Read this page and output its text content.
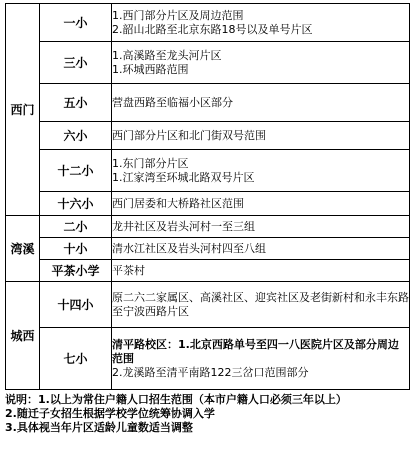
西门	一小	1.西门部分片区及周边范围
2.韶山北路至北京东路18号以及单号片区

	三小	1.高溪路至龙头河片区
1.环城西路范围

	五小	营盘西路至临福小区部分

	六小	西门部分片区和北门街双号范围

	十二小	1.东门部分片区
1.江家湾至环城北路双号片区

	十六小	西门居委和大桥路社区范围

湾溪	二小	龙井社区及岩头河村一至三组

	十小	清水江社区及岩头河村四至八组

	平茶小学	平茶村

城西	十四小	原二六二家属区、高溪社区、迎宾社区及老街新村和永丰东路至宁波西路片区

	七小	清平路校区：1.北京西路单号至四一八医院片区及部分周边范围
2.龙溪路至清平南路122三岔口范围部分
说明：1.以上为常住户籍人口招生范围（本市户籍人口必须三年以上）
2.随迁子女招生根据学校学位统筹协调入学
3.具体视当年片区适龄儿童数适当调整
